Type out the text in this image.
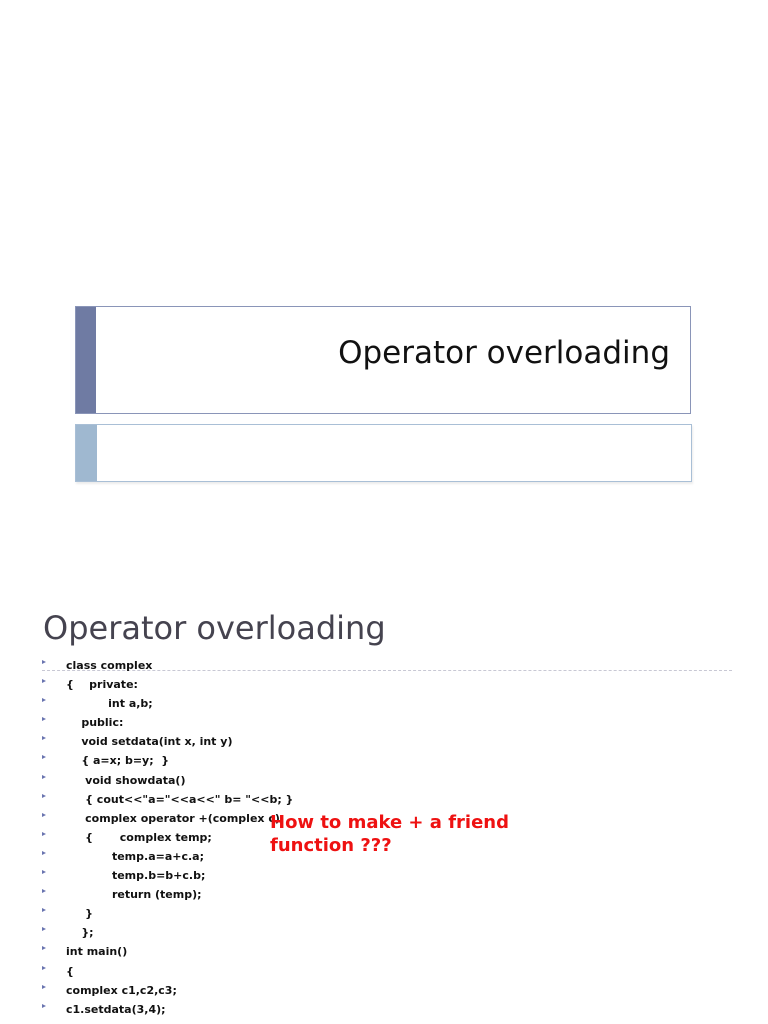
Operator overloading
Operator overloading
class complex
{    private:
int a,b;
public:
void setdata(int x, int y)
{ a=x; b=y;  }
void showdata()
{ cout<<"a="<<a<<" b= "<<b; }
complex operator +(complex c)
{       complex temp;
temp.a=a+c.a;
temp.b=b+c.b;
return (temp);
}
};
int main()
{
complex c1,c2,c3;
c1.setdata(3,4);
How to make + a friend function ???
